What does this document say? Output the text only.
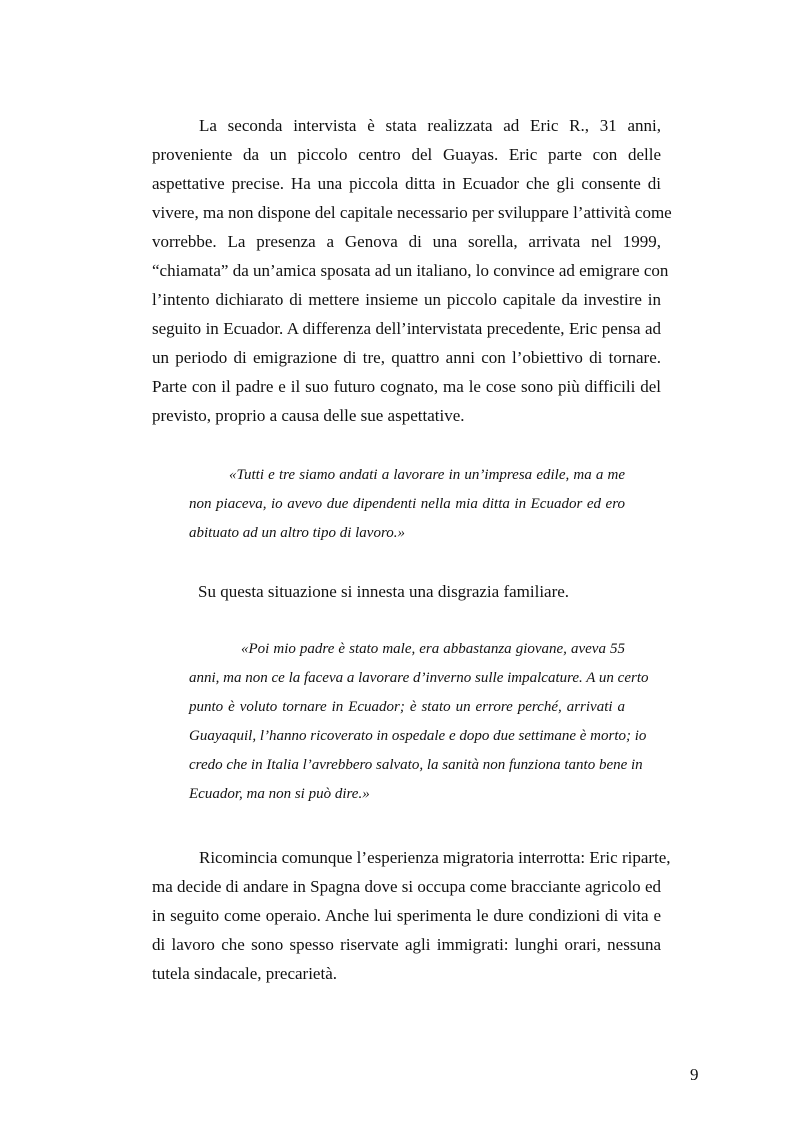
La seconda intervista è stata realizzata ad Eric R., 31 anni,
proveniente da un piccolo centro del Guayas. Eric parte con delle
aspettative precise. Ha una piccola ditta in Ecuador che gli consente di
vivere, ma non dispone del capitale necessario per sviluppare l’attività come
vorrebbe. La presenza a Genova di una sorella, arrivata nel 1999,
“chiamata” da un’amica sposata ad un italiano, lo convince ad emigrare con
l’intento dichiarato di mettere insieme un piccolo capitale da investire in
seguito in Ecuador. A differenza dell’intervistata precedente, Eric pensa ad
un periodo di emigrazione di tre, quattro anni con l’obiettivo di tornare.
Parte con il padre e il suo futuro cognato, ma le cose sono più difficili del
previsto, proprio a causa delle sue aspettative.

«Tutti e tre siamo andati a lavorare in un’impresa edile, ma a me
non piaceva, io avevo due dipendenti nella mia ditta in Ecuador ed ero
abituato ad un altro tipo di lavoro.»

Su questa situazione si innesta una disgrazia familiare.

«Poi mio padre è stato male, era abbastanza giovane, aveva 55
anni, ma non ce la faceva a lavorare d’inverno sulle impalcature. A un certo
punto è voluto tornare in Ecuador; è stato un errore perché, arrivati a
Guayaquil, l’hanno ricoverato in ospedale e dopo due settimane è morto; io
credo che in Italia l’avrebbero salvato, la sanità non funziona tanto bene in
Ecuador, ma non si può dire.»

Ricomincia comunque l’esperienza migratoria interrotta: Eric riparte,
ma decide di andare in Spagna dove si occupa come bracciante agricolo ed
in seguito come operaio. Anche lui sperimenta le dure condizioni di vita e
di lavoro che sono spesso riservate agli immigrati: lunghi orari, nessuna
tutela sindacale, precarietà.

9
